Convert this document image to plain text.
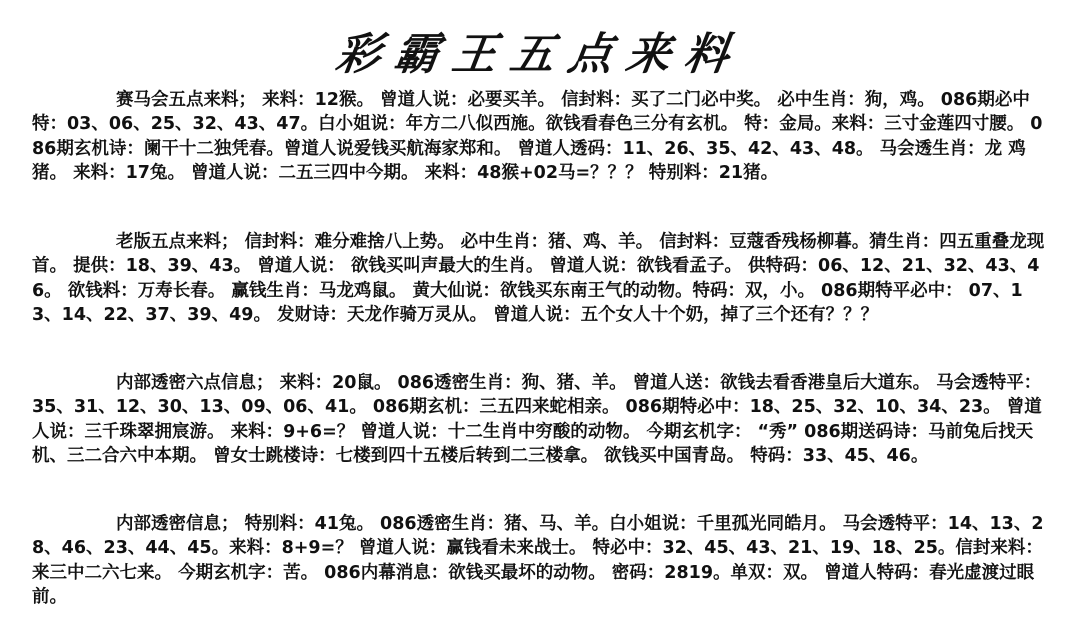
彩霸王五点来料

赛马会五点来料； 来料：12猴。 曾道人说：必要买羊。 信封料：买了二门必中奖。 必中生肖：狗，鸡。 086期必中特：03、06、25、32、43、47。白小姐说：年方二八似西施。欲钱看春色三分有玄机。 特：金局。来料：三寸金莲四寸腰。 086期玄机诗：阑干十二独凭春。曾道人说爱钱买航海家郑和。 曾道人透码：11、26、35、42、43、48。 马会透生肖：龙 鸡 猪。 来料：17兔。 曾道人说：二五三四中今期。 来料：48猴+02马=？？？ 特别料：21猪。

老版五点来料； 信封料：难分难捨八上势。 必中生肖：猪、鸡、羊。 信封料：豆蔻香残杨柳暮。猜生肖：四五重叠龙现首。 提供：18、39、43。 曾道人说： 欲钱买叫声最大的生肖。 曾道人说：欲钱看孟子。 供特码：06、12、21、32、43、46。 欲钱料：万寿长春。 赢钱生肖：马龙鸡鼠。 黄大仙说：欲钱买东南王气的动物。特码：双，小。 086期特平必中： 07、13、14、22、37、39、49。 发财诗：天龙作骑万灵从。 曾道人说：五个女人十个奶，掉了三个还有？？？

内部透密六点信息； 来料：20鼠。 086透密生肖：狗、猪、羊。 曾道人送：欲钱去看香港皇后大道东。 马会透特平：35、31、12、30、13、09、06、41。 086期玄机：三五四来蛇相亲。 086期特必中：18、25、32、10、34、23。 曾道人说：三千珠翠拥宸游。 来料：9+6=？ 曾道人说：十二生肖中穷酸的动物。 今期玄机字： “秀” 086期送码诗：马前兔后找天机、三二合六中本期。 曾女士跳楼诗：七楼到四十五楼后转到二三楼拿。 欲钱买中国青岛。 特码：33、45、46。

内部透密信息； 特别料：41兔。 086透密生肖：猪、马、羊。白小姐说：千里孤光同皓月。 马会透特平：14、13、28、46、23、44、45。来料：8+9=？ 曾道人说：赢钱看未来战士。 特必中：32、45、43、21、19、18、25。信封来料：来三中二六七来。 今期玄机字：苦。 086内幕消息：欲钱买最坏的动物。 密码：2819。单双：双。 曾道人特码：春光虚渡过眼前。
